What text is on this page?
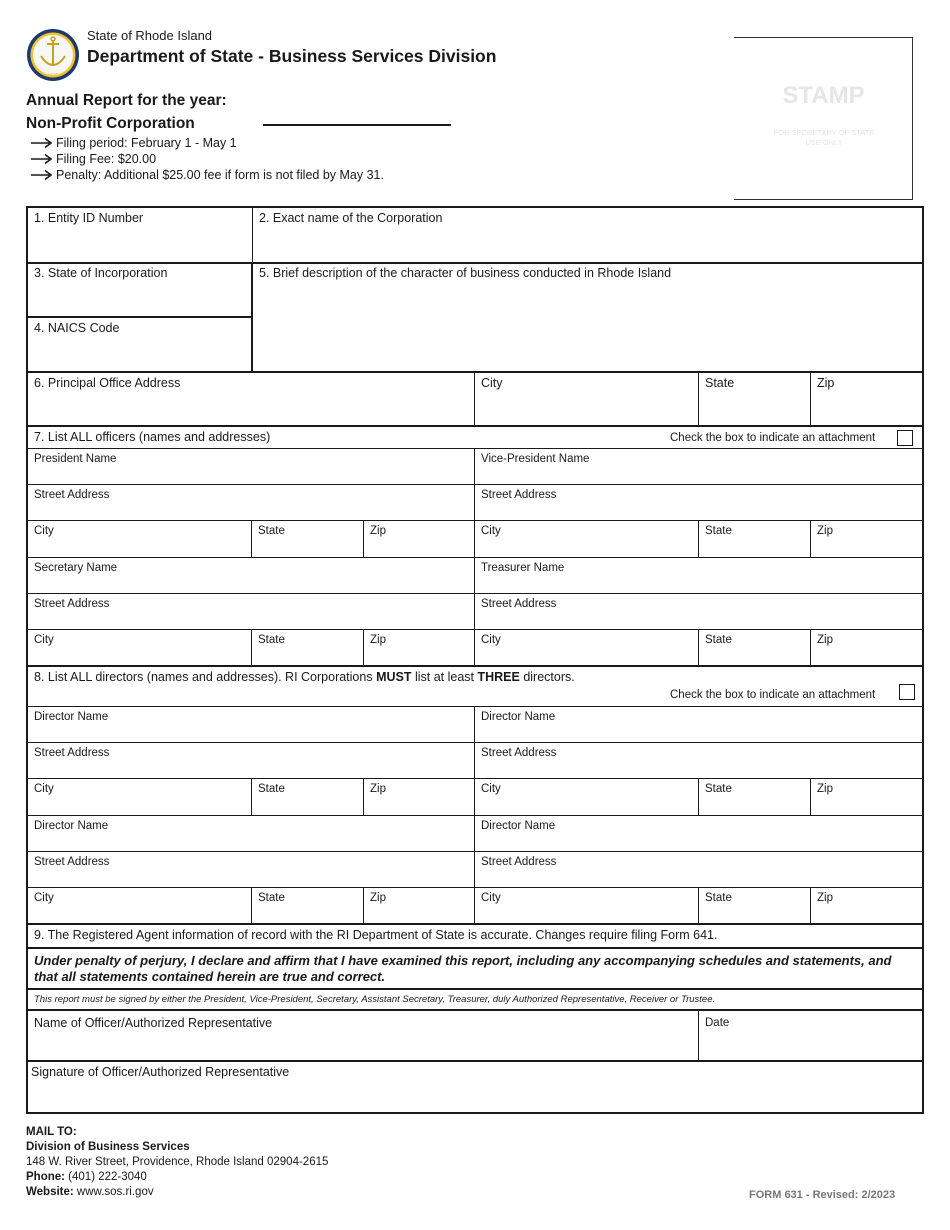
1636
State of Rhode Island
Department of State - Business Services Division
Annual Report for the year:
Non-Profit Corporation
Filing period: February 1 - May 1
Filing Fee: $20.00
Penalty: Additional $25.00 fee if form is not filed by May 31.
STAMP
FOR SECRETARY OF STATE USE ONLY
1. Entity ID Number	2. Exact name of the Corporation
3. State of Incorporation
4. NAICS Code
5. Brief description of the character of business conducted in Rhode Island
6. Principal Office Address	City	State	Zip
7. List ALL officers (names and addresses)	Check the box to indicate an attachment
President Name	Vice-President Name
Street Address	Street Address
City	State	Zip	City	State	Zip
Secretary Name	Treasurer Name
Street Address	Street Address
City	State	Zip	City	State	Zip
8. List ALL directors (names and addresses). RI Corporations MUST list at least THREE directors.
Check the box to indicate an attachment
Director Name	Director Name
Street Address	Street Address
City	State	Zip	City	State	Zip
Director Name	Director Name
Street Address	Street Address
City	State	Zip	City	State	Zip
9. The Registered Agent information of record with the RI Department of State is accurate. Changes require filing Form 641.
Under penalty of perjury, I declare and affirm that I have examined this report, including any accompanying schedules and statements, and that all statements contained herein are true and correct.
This report must be signed by either the President, Vice-President, Secretary, Assistant Secretary, Treasurer, duly Authorized Representative, Receiver or Trustee.
Name of Officer/Authorized Representative	Date
Signature of Officer/Authorized Representative
MAIL TO:
Division of Business Services
148 W. River Street, Providence, Rhode Island 02904-2615
Phone: (401) 222-3040
Website: www.sos.ri.gov	FORM 631 - Revised: 2/2023
